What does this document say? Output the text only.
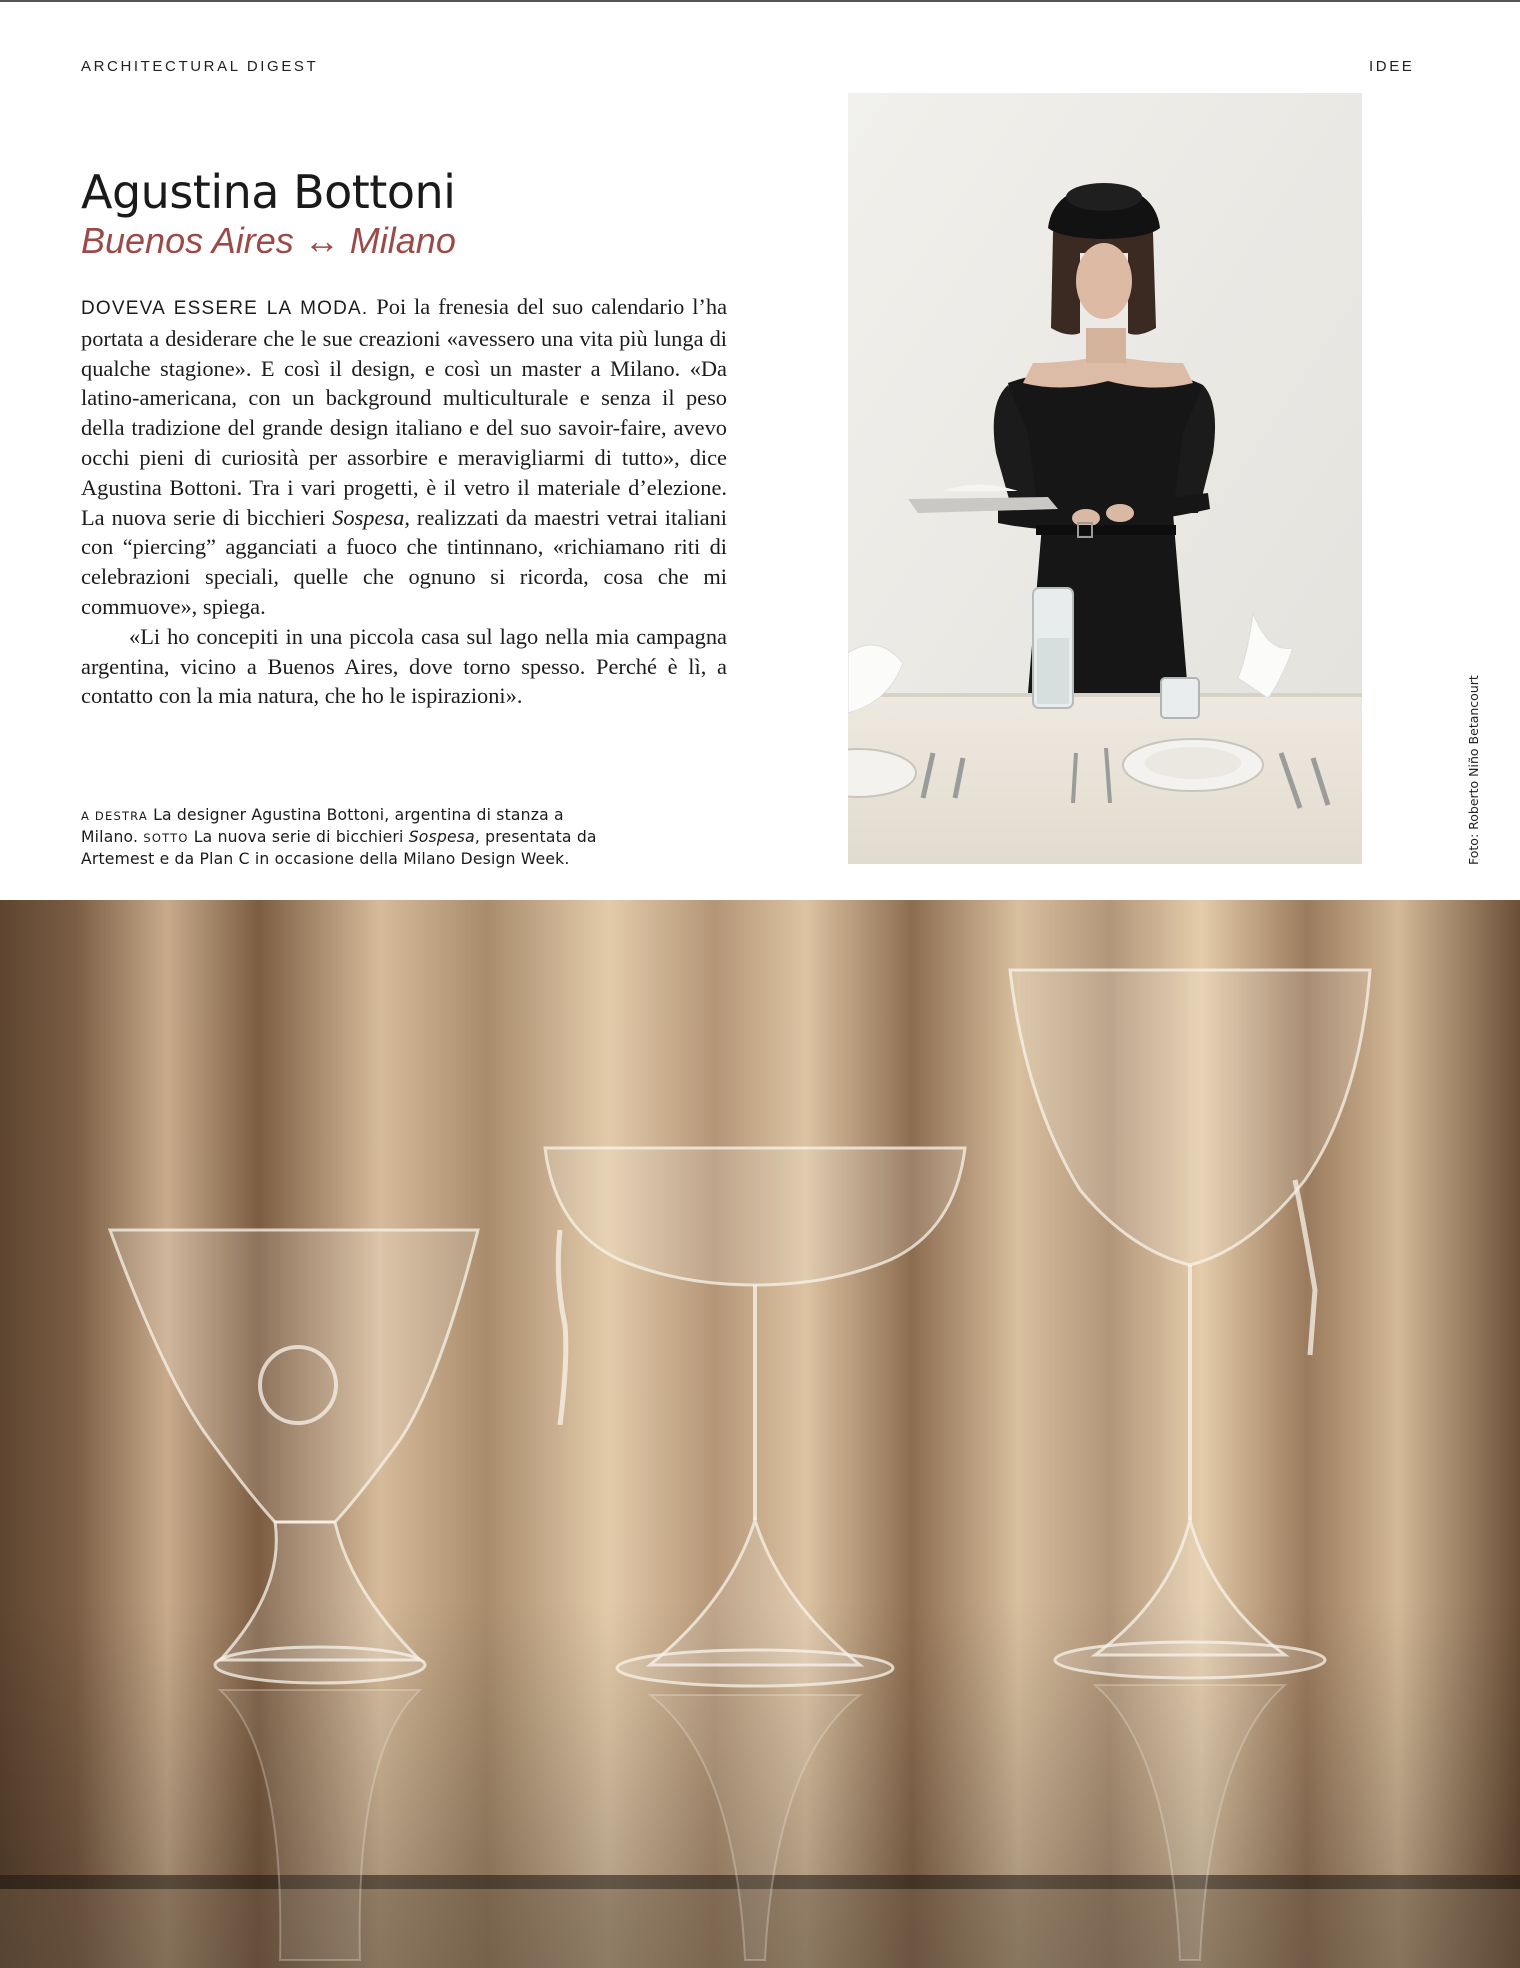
ARCHITECTURAL DIGEST	IDEE
Agustina Bottoni
Buenos Aires ↔ Milano

DOVEVA ESSERE LA MODA. Poi la frenesia del suo calendario l’ha portata a desiderare che le sue creazioni «avessero una vita più lunga di qualche stagione». E così il design, e così un master a Milano. «Da latino-americana, con un background multiculturale e senza il peso della tradizione del grande design italiano e del suo savoir-faire, avevo occhi pieni di curiosità per assorbire e meravigliarmi di tutto», dice Agustina Bottoni. Tra i vari progetti, è il vetro il materiale d’elezione. La nuova serie di bicchieri Sospesa, realizzati da maestri vetrai italiani con “piercing” agganciati a fuoco che tintinnano, «richiamano riti di celebrazioni speciali, quelle che ognuno si ricorda, cosa che mi commuove», spiega.

«Li ho concepiti in una piccola casa sul lago nella mia campagna argentina, vicino a Buenos Aires, dove torno spesso. Perché è lì, a contatto con la mia natura, che ho le ispirazioni».

A DESTRA La designer Agustina Bottoni, argentina di stanza a Milano. SOTTO La nuova serie di bicchieri Sospesa, presentata da Artemest e da Plan C in occasione della Milano Design Week.	Foto: Roberto Niño Betancourt
